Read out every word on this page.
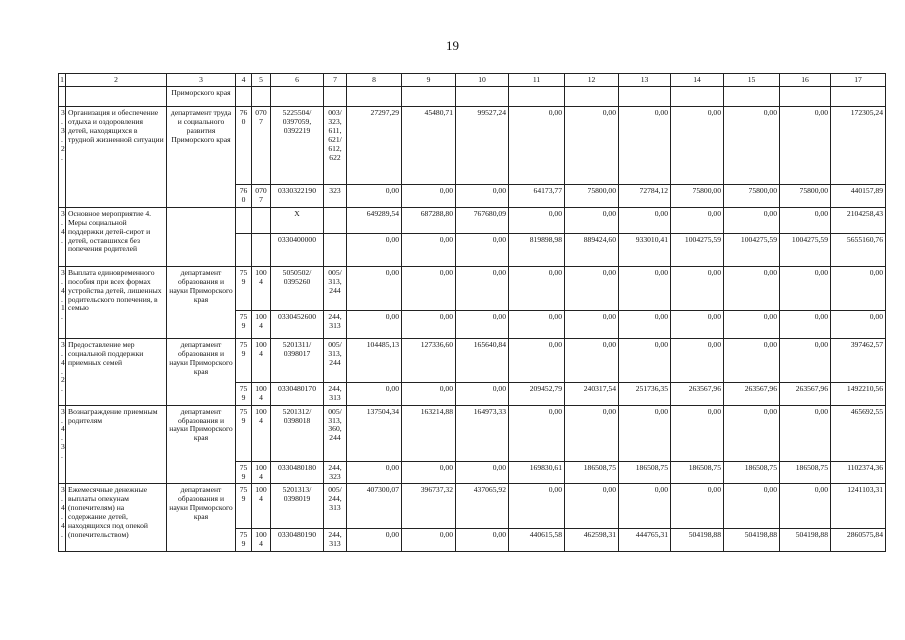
19
1	2	3	4	5	6	7	8	9	10	11	12	13	14	15	16	17
		Приморского края														
3.3.2.	Организация и обеспечение отдыха и оздоровления детей, находящихся в трудной жизненной ситуации	департамент труда и социального развития Приморского края	760	0707	5225504/ 0397059, 0392219	003/ 323, 611, 621/ 612, 622	27297,29	45480,71	99527,24	0,00	0,00	0,00	0,00	0,00	0,00	172305,24
			760	0707	0330322190	323	0,00	0,00	0,00	64173,77	75800,00	72784,12	75800,00	75800,00	75800,00	440157,89
3.4.	Основное мероприятие 4. Меры социальной поддержки детей-сирот и детей, оставшихся без попечения родителей				Х		649289,54	687288,80	767680,09	0,00	0,00	0,00	0,00	0,00	0,00	2104258,43
					0330400000		0,00	0,00	0,00	819898,98	889424,60	933010,41	1004275,59	1004275,59	1004275,59	5655160,76
3.4.1.	Выплата единовременного пособия при всех формах устройства детей, лишенных родительского попечения, в семью	департамент образования и науки Приморского края	759	1004	5050502/ 0395260	005/ 313, 244	0,00	0,00	0,00	0,00	0,00	0,00	0,00	0,00	0,00	0,00
			759	1004	0330452600	244, 313	0,00	0,00	0,00	0,00	0,00	0,00	0,00	0,00	0,00	0,00
3.4.2.	Предоставление мер социальной поддержки приемных семей	департамент образования и науки Приморского края	759	1004	5201311/ 0398017	005/ 313, 244	104485,13	127336,60	165640,84	0,00	0,00	0,00	0,00	0,00	0,00	397462,57
			759	1004	0330480170	244, 313	0,00	0,00	0,00	209452,79	240317,54	251736,35	263567,96	263567,96	263567,96	1492210,56
3.4.3.	Вознаграждение приемным родителям	департамент образования и науки Приморского края	759	1004	5201312/ 0398018	005/ 313, 360, 244	137504,34	163214,88	164973,33	0,00	0,00	0,00	0,00	0,00	0,00	465692,55
			759	1004	0330480180	244, 323	0,00	0,00	0,00	169830,61	186508,75	186508,75	186508,75	186508,75	186508,75	1102374,36
3.4.4.	Ежемесячные денежные выплаты опекунам (попечителям) на содержание детей, находящихся под опекой (попечительством)	департамент образования и науки Приморского края	759	1004	5201313/ 0398019	005/ 244, 313	407300,07	396737,32	437065,92	0,00	0,00	0,00	0,00	0,00	0,00	1241103,31
			759	1004	0330480190	244, 313	0,00	0,00	0,00	440615,58	462598,31	444765,31	504198,88	504198,88	504198,88	2860575,84
